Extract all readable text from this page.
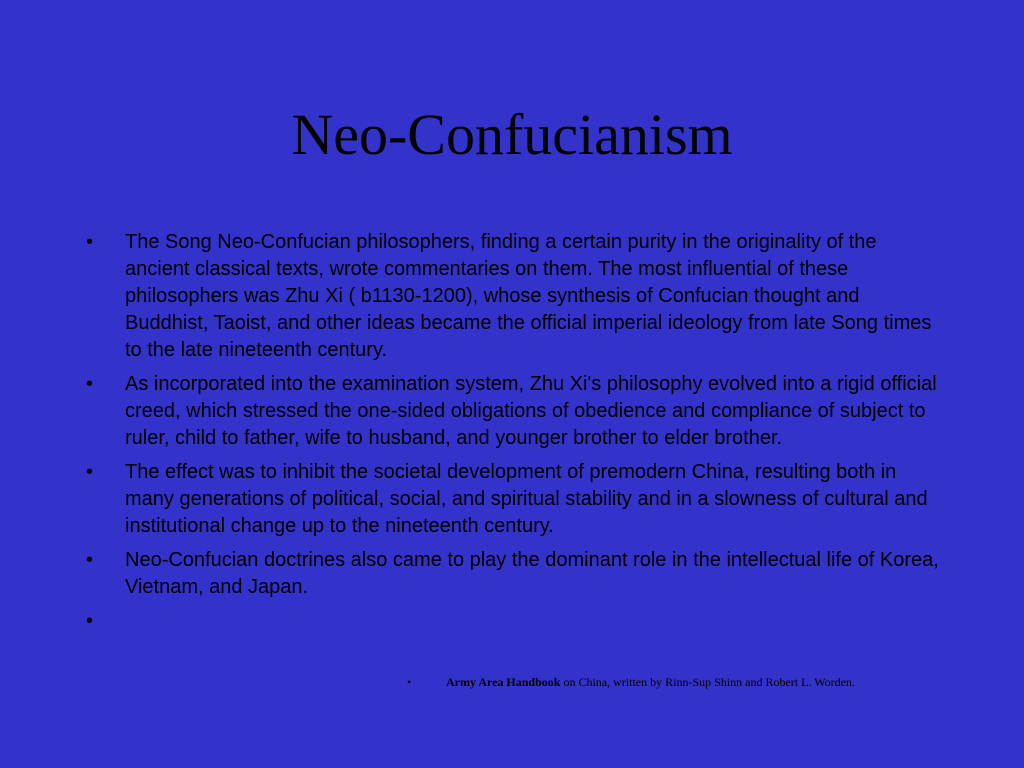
Neo-Confucianism
• The Song Neo-Confucian philosophers, finding a certain purity in the originality of the ancient classical texts, wrote commentaries on them. The most influential of these philosophers was Zhu Xi ( b1130-1200), whose synthesis of Confucian thought and Buddhist, Taoist, and other ideas became the official imperial ideology from late Song times to the late nineteenth century.
• As incorporated into the examination system, Zhu Xi's philosophy evolved into a rigid official creed, which stressed the one-sided obligations of obedience and compliance of subject to ruler, child to father, wife to husband, and younger brother to elder brother.
• The effect was to inhibit the societal development of premodern China, resulting both in many generations of political, social, and spiritual stability and in a slowness of cultural and institutional change up to the nineteenth century.
• Neo-Confucian doctrines also came to play the dominant role in the intellectual life of Korea, Vietnam, and Japan.
•
•	Army Area Handbook on China, written by Rinn-Sup Shinn and Robert L. Worden.
